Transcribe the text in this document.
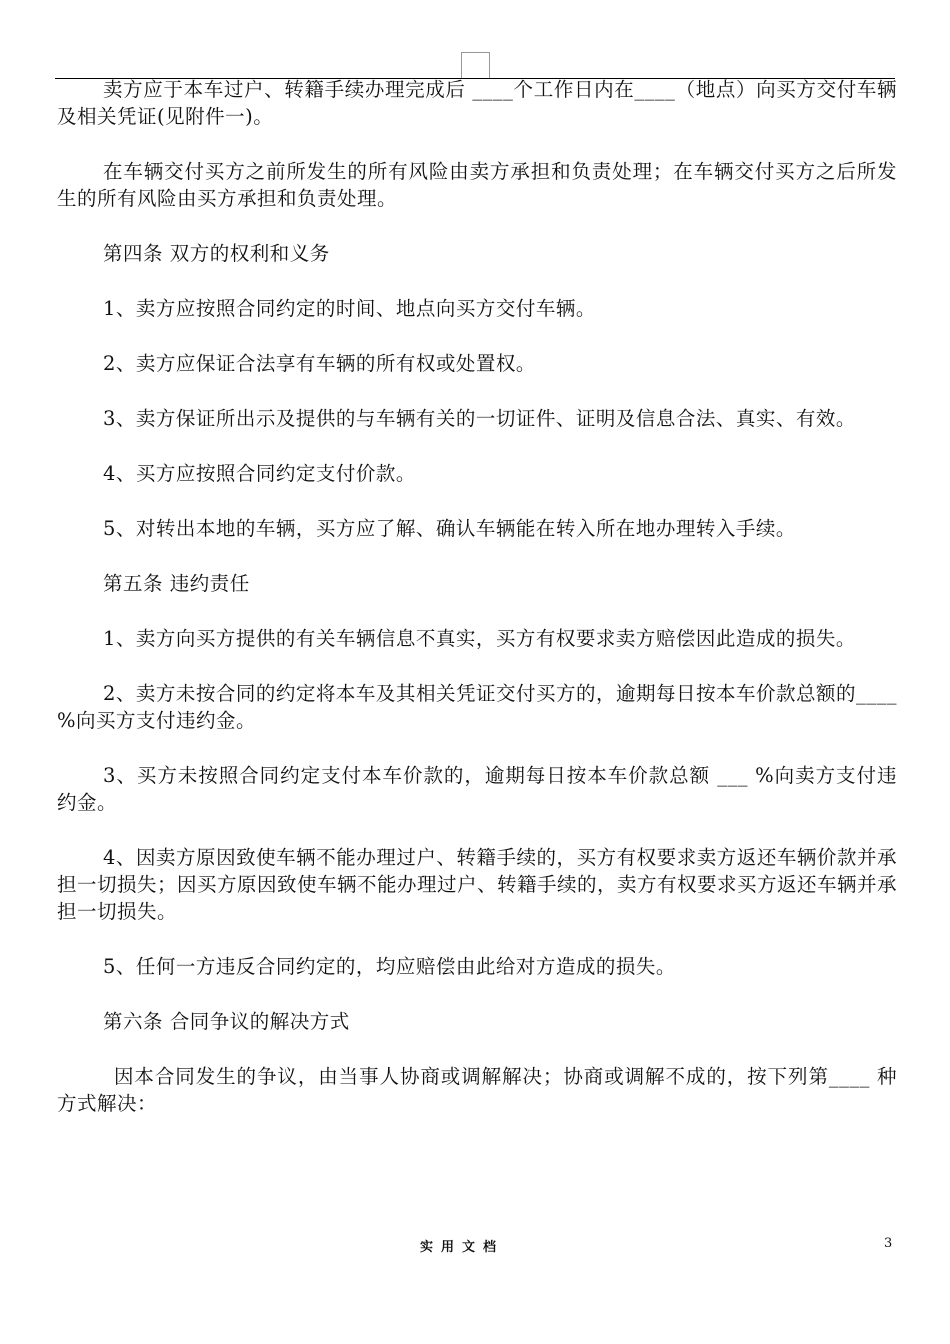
卖方应于本车过户、转籍手续办理完成后 ____个工作日内在____（地点）向买方交付车辆及相关凭证(见附件一)。

在车辆交付买方之前所发生的所有风险由卖方承担和负责处理；在车辆交付买方之后所发生的所有风险由买方承担和负责处理。

第四条 双方的权利和义务

1、卖方应按照合同约定的时间、地点向买方交付车辆。

2、卖方应保证合法享有车辆的所有权或处置权。

3、卖方保证所出示及提供的与车辆有关的一切证件、证明及信息合法、真实、有效。

4、买方应按照合同约定支付价款。

5、对转出本地的车辆，买方应了解、确认车辆能在转入所在地办理转入手续。

第五条 违约责任

1、卖方向买方提供的有关车辆信息不真实，买方有权要求卖方赔偿因此造成的损失。

2、卖方未按合同的约定将本车及其相关凭证交付买方的，逾期每日按本车价款总额的____ %向买方支付违约金。

3、买方未按照合同约定支付本车价款的，逾期每日按本车价款总额 ___ %向卖方支付违约金。

4、因卖方原因致使车辆不能办理过户、转籍手续的，买方有权要求卖方返还车辆价款并承担一切损失；因买方原因致使车辆不能办理过户、转籍手续的，卖方有权要求买方返还车辆并承担一切损失。

5、任何一方违反合同约定的，均应赔偿由此给对方造成的损失。

第六条 合同争议的解决方式

因本合同发生的争议，由当事人协商或调解解决；协商或调解不成的，按下列第____ 种方式解决：

实用文档	3
